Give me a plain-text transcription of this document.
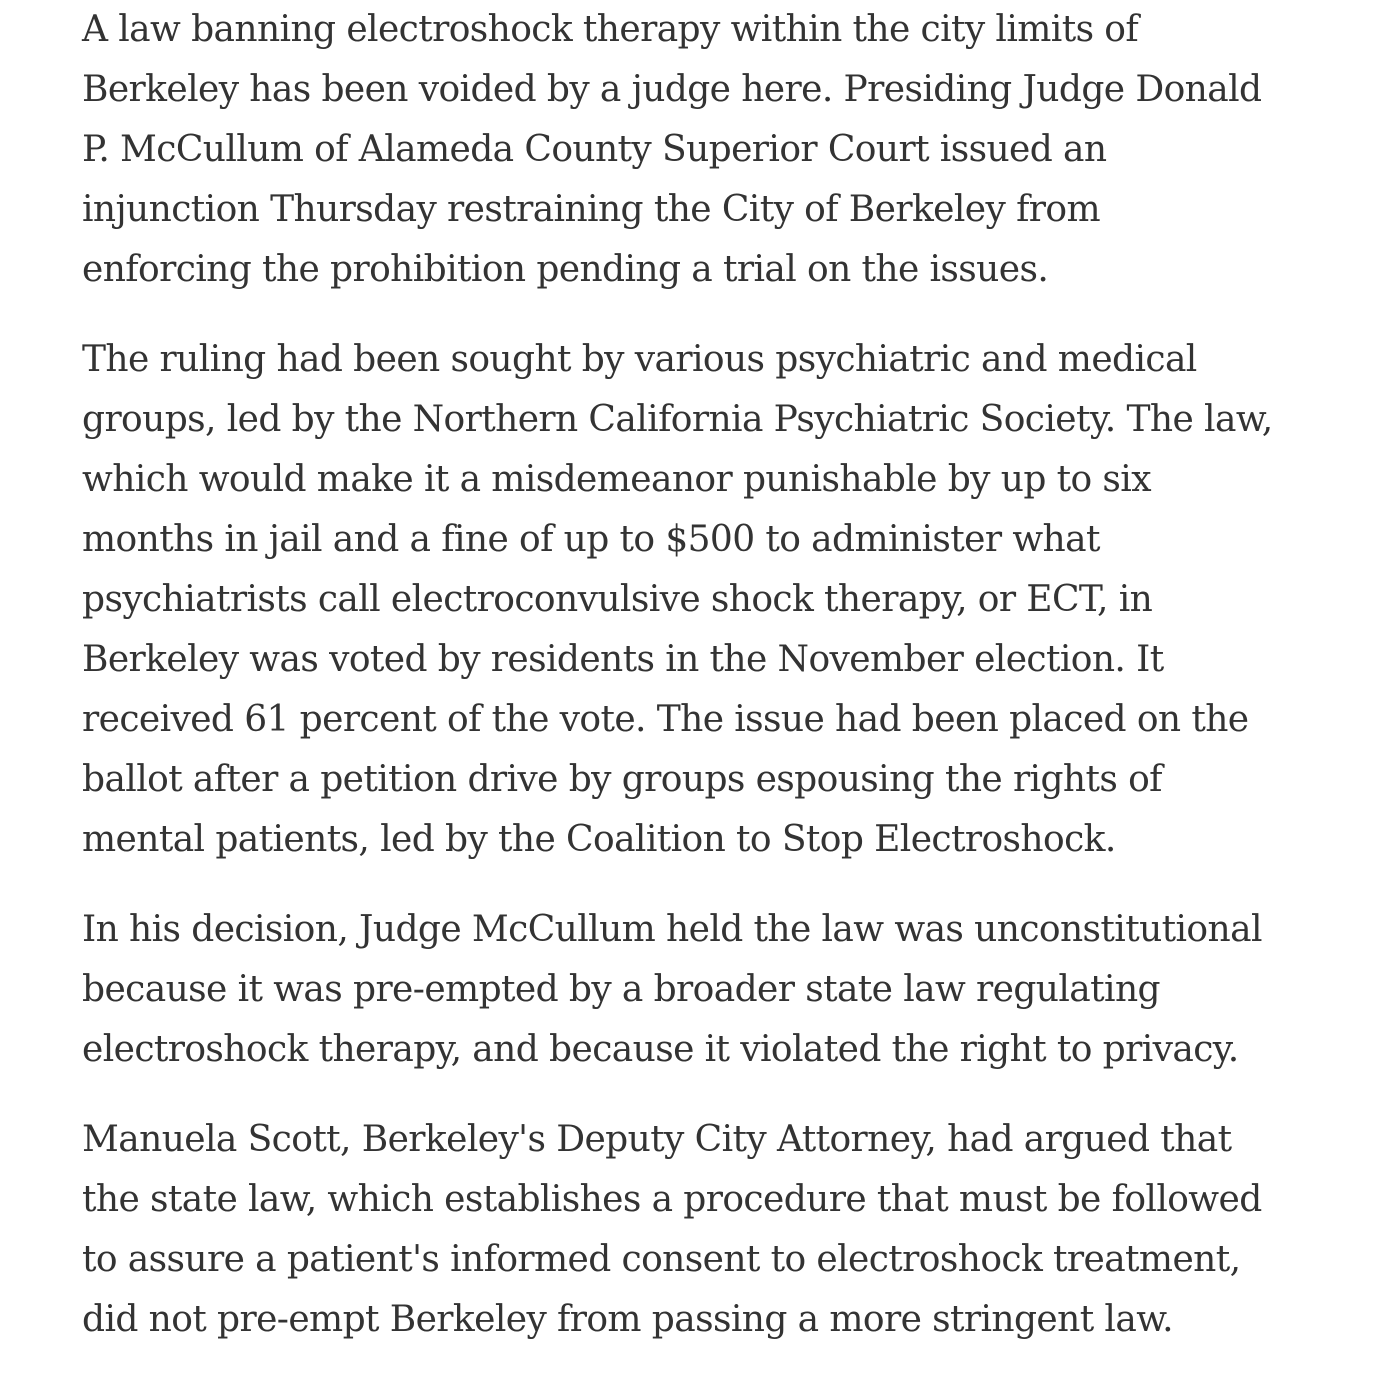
A law banning electroshock therapy within the city limits of
Berkeley has been voided by a judge here. Presiding Judge Donald
P. McCullum of Alameda County Superior Court issued an
injunction Thursday restraining the City of Berkeley from
enforcing the prohibition pending a trial on the issues.

The ruling had been sought by various psychiatric and medical
groups, led by the Northern California Psychiatric Society. The law,
which would make it a misdemeanor punishable by up to six
months in jail and a fine of up to $500 to administer what
psychiatrists call electroconvulsive shock therapy, or ECT, in
Berkeley was voted by residents in the November election. It
received 61 percent of the vote. The issue had been placed on the
ballot after a petition drive by groups espousing the rights of
mental patients, led by the Coalition to Stop Electroshock.

In his decision, Judge McCullum held the law was unconstitutional
because it was pre-empted by a broader state law regulating
electroshock therapy, and because it violated the right to privacy.

Manuela Scott, Berkeley's Deputy City Attorney, had argued that
the state law, which establishes a procedure that must be followed
to assure a patient's informed consent to electroshock treatment,
did not pre-empt Berkeley from passing a more stringent law.
